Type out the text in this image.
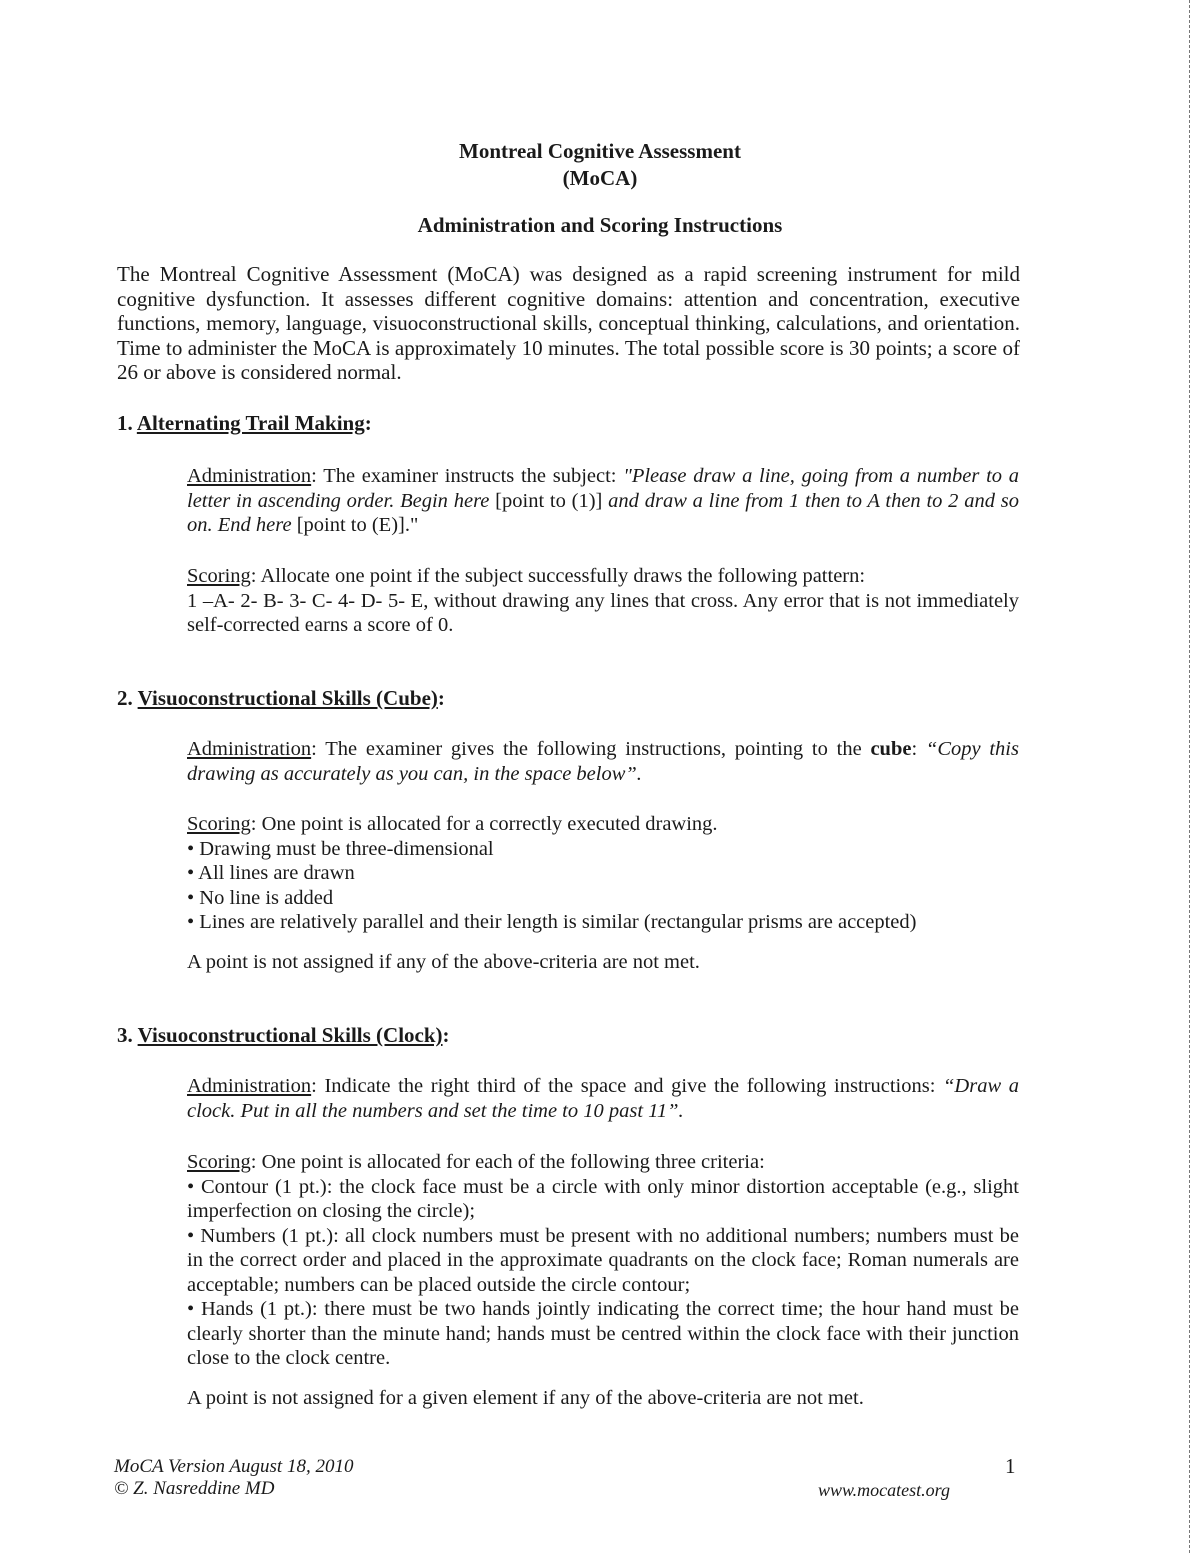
Montreal Cognitive Assessment
(MoCA)
Administration and Scoring Instructions
The Montreal Cognitive Assessment (MoCA) was designed as a rapid screening instrument for mild cognitive dysfunction. It assesses different cognitive domains: attention and concentration, executive functions, memory, language, visuoconstructional skills, conceptual thinking, calculations, and orientation. Time to administer the MoCA is approximately 10 minutes. The total possible score is 30 points; a score of 26 or above is considered normal.
1. Alternating Trail Making:
Administration: The examiner instructs the subject: "Please draw a line, going from a number to a letter in ascending order. Begin here [point to (1)] and draw a line from 1 then to A then to 2 and so on. End here [point to (E)]."
Scoring: Allocate one point if the subject successfully draws the following pattern:
1 –A- 2- B- 3- C- 4- D- 5- E, without drawing any lines that cross. Any error that is not immediately self-corrected earns a score of 0.
2. Visuoconstructional Skills (Cube):
Administration: The examiner gives the following instructions, pointing to the cube: “Copy this drawing as accurately as you can, in the space below”.
Scoring: One point is allocated for a correctly executed drawing.
• Drawing must be three-dimensional
• All lines are drawn
• No line is added
• Lines are relatively parallel and their length is similar (rectangular prisms are accepted)
A point is not assigned if any of the above-criteria are not met.
3. Visuoconstructional Skills (Clock):
Administration: Indicate the right third of the space and give the following instructions: “Draw a clock. Put in all the numbers and set the time to 10 past 11”.
Scoring: One point is allocated for each of the following three criteria:
• Contour (1 pt.): the clock face must be a circle with only minor distortion acceptable (e.g., slight imperfection on closing the circle);
• Numbers (1 pt.): all clock numbers must be present with no additional numbers; numbers must be in the correct order and placed in the approximate quadrants on the clock face; Roman numerals are acceptable; numbers can be placed outside the circle contour;
• Hands (1 pt.): there must be two hands jointly indicating the correct time; the hour hand must be clearly shorter than the minute hand; hands must be centred within the clock face with their junction close to the clock centre.
A point is not assigned for a given element if any of the above-criteria are not met.
MoCA Version August 18, 2010
© Z. Nasreddine MD
1
www.mocatest.org
